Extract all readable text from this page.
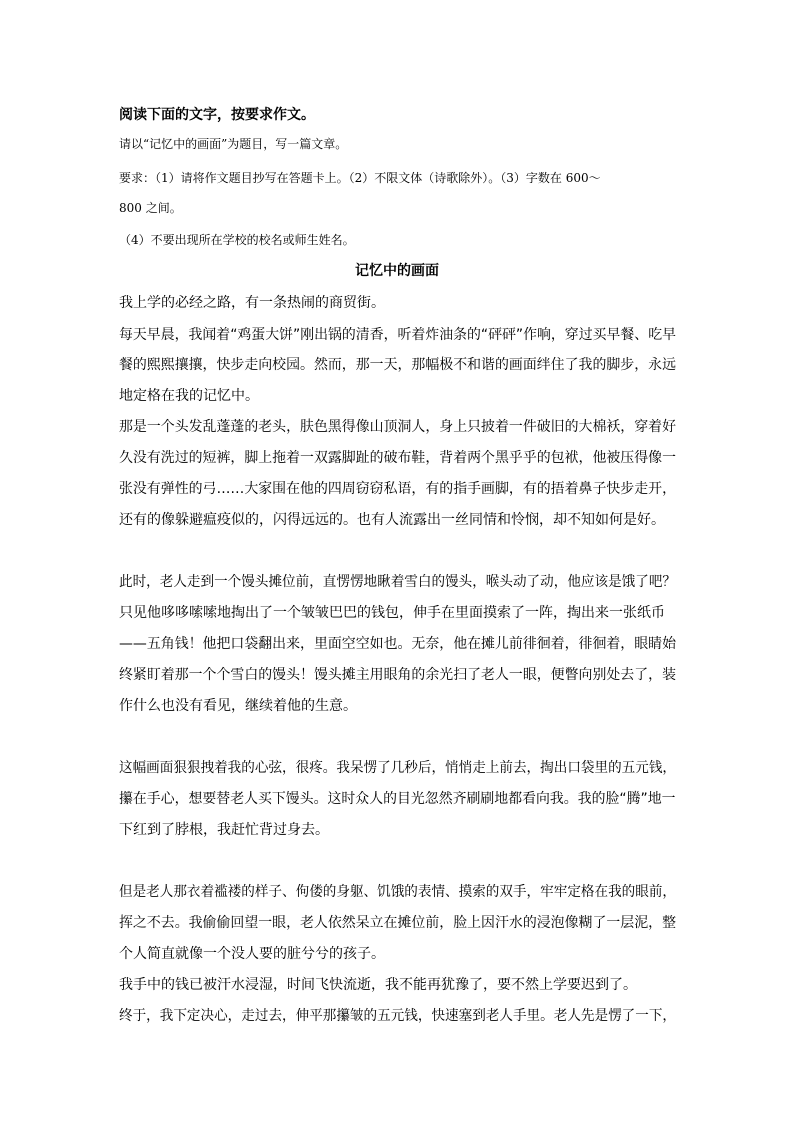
阅读下面的文字，按要求作文。
请以“记忆中的画面”为题目，写一篇文章。
要求：（1）请将作文题目抄写在答题卡上。（2）不限文体（诗歌除外）。（3）字数在 600～
800 之间。
（4）不要出现所在学校的校名或师生姓名。
记忆中的画面
我上学的必经之路，有一条热闹的商贸街。
每天早晨，我闻着“鸡蛋大饼”刚出锅的清香，听着炸油条的“砰砰”作响，穿过买早餐、吃早
餐的熙熙攘攘，快步走向校园。然而，那一天，那幅极不和谐的画面绊住了我的脚步，永远
地定格在我的记忆中。
那是一个头发乱蓬蓬的老头，肤色黑得像山顶洞人，身上只披着一件破旧的大棉袄，穿着好
久没有洗过的短裤，脚上拖着一双露脚趾的破布鞋，背着两个黑乎乎的包袱，他被压得像一
张没有弹性的弓……大家围在他的四周窃窃私语，有的指手画脚，有的捂着鼻子快步走开，
还有的像躲避瘟疫似的，闪得远远的。也有人流露出一丝同情和怜悯，却不知如何是好。
此时，老人走到一个馒头摊位前，直愣愣地瞅着雪白的馒头，喉头动了动，他应该是饿了吧？
只见他哆哆嗦嗦地掏出了一个皱皱巴巴的钱包，伸手在里面摸索了一阵，掏出来一张纸币
——五角钱！他把口袋翻出来，里面空空如也。无奈，他在摊儿前徘徊着，徘徊着，眼睛始
终紧盯着那一个个雪白的馒头！馒头摊主用眼角的余光扫了老人一眼，便瞥向别处去了，装
作什么也没有看见，继续着他的生意。
这幅画面狠狠拽着我的心弦，很疼。我呆愣了几秒后，悄悄走上前去，掏出口袋里的五元钱，
攥在手心，想要替老人买下馒头。这时众人的目光忽然齐刷刷地都看向我。我的脸“腾”地一
下红到了脖根，我赶忙背过身去。
但是老人那衣着褴褛的样子、佝偻的身躯、饥饿的表情、摸索的双手，牢牢定格在我的眼前，
挥之不去。我偷偷回望一眼，老人依然呆立在摊位前，脸上因汗水的浸泡像糊了一层泥，整
个人简直就像一个没人要的脏兮兮的孩子。
我手中的钱已被汗水浸湿，时间飞快流逝，我不能再犹豫了，要不然上学要迟到了。
终于，我下定决心，走过去，伸平那攥皱的五元钱，快速塞到老人手里。老人先是愣了一下，
